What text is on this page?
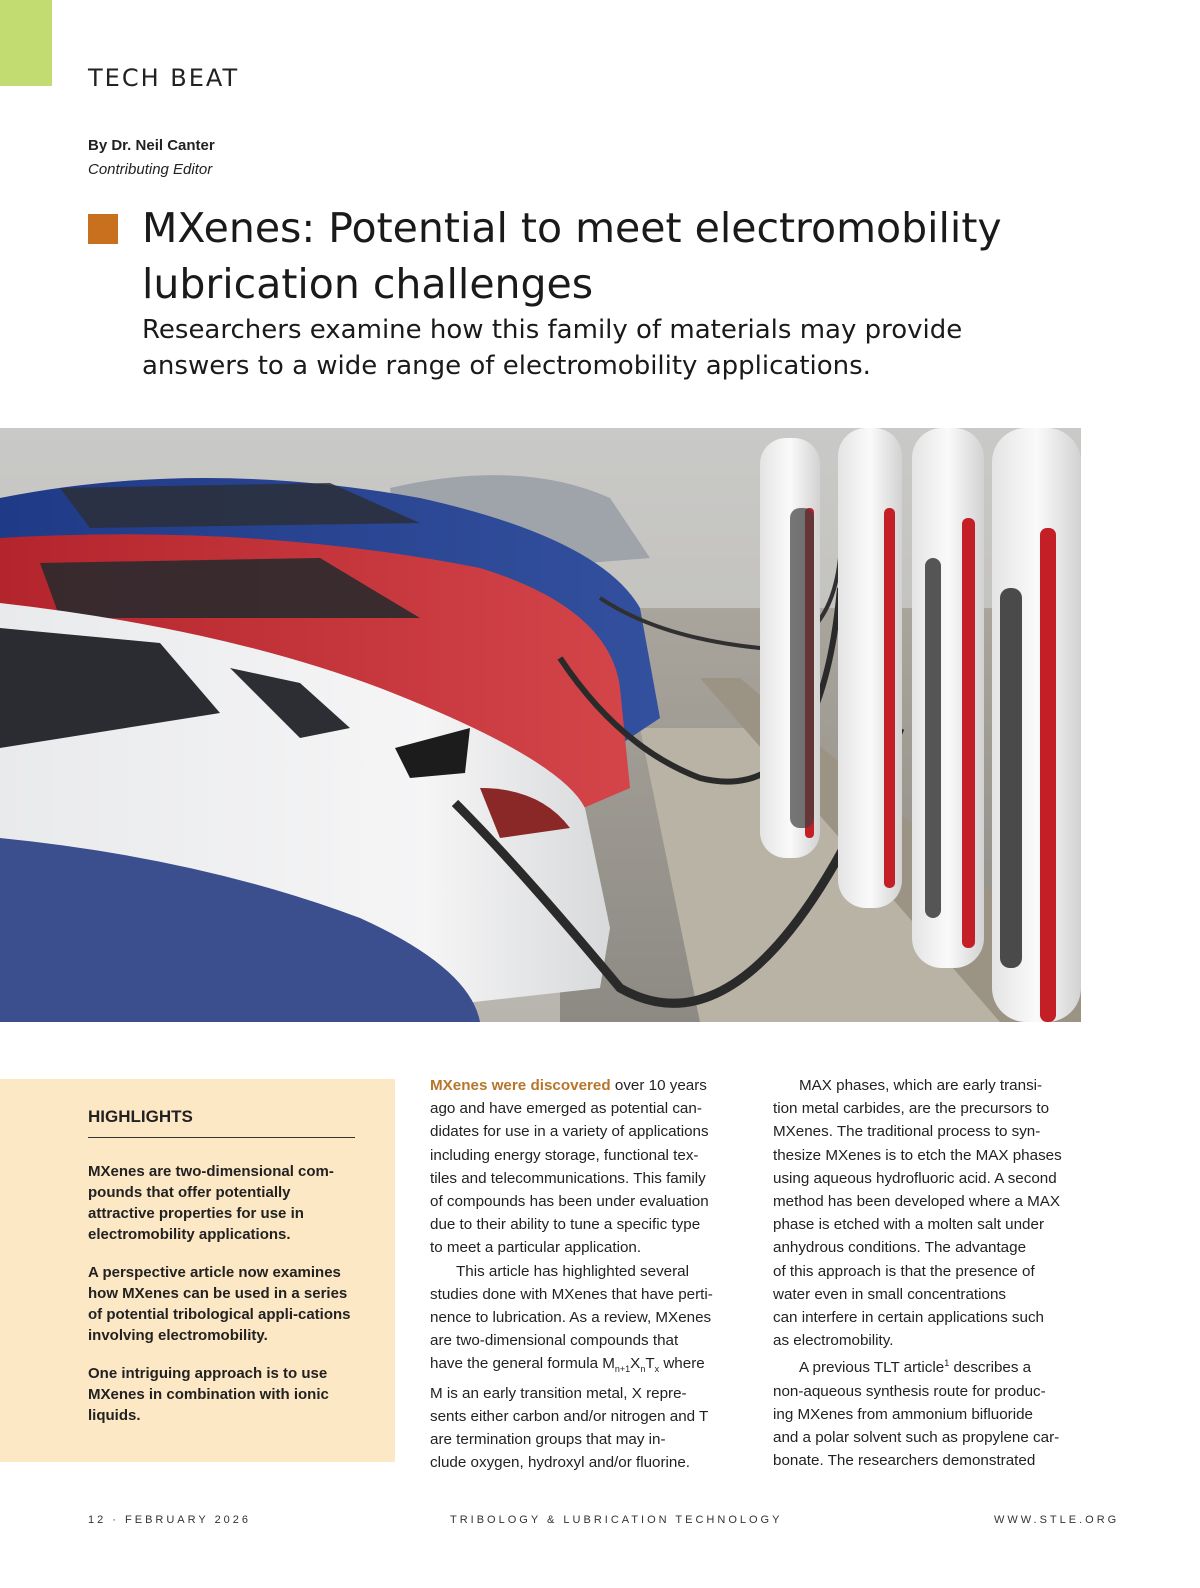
TECH BEAT
By Dr. Neil Canter
Contributing Editor
MXenes: Potential to meet electromobility
lubrication challenges

Researchers examine how this family of materials may provide
answers to a wide range of electromobility applications.

HIGHLIGHTS
MXenes are two-dimensional com-pounds that offer potentially attractive properties for use in electromobility applications.
A perspective article now examines how MXenes can be used in a series of potential tribological appli-cations involving electromobility.
One intriguing approach is to use MXenes in combination with ionic liquids.

MXenes were discovered over 10 years
ago and have emerged as potential can-
didates for use in a variety of applications
including energy storage, functional tex-
tiles and telecommunications. This family
of compounds has been under evaluation
due to their ability to tune a specific type
to meet a particular application.

This article has highlighted several
studies done with MXenes that have perti-
nence to lubrication. As a review, MXenes
are two-dimensional compounds that
have the general formula $M_{n+1}X_nT_x$ where
M is an early transition metal, X repre-
sents either carbon and/or nitrogen and T
are termination groups that may in-
clude oxygen, hydroxyl and/or fluorine.

MAX phases, which are early transi-
tion metal carbides, are the precursors to
MXenes. The traditional process to syn-
thesize MXenes is to etch the MAX phases
using aqueous hydrofluoric acid. A second
method has been developed where a MAX
phase is etched with a molten salt under
anhydrous conditions. The advantage
of this approach is that the presence of
water even in small concentrations
can interfere in certain applications such
as electromobility.

A previous TLT article$^1$ describes a
non-aqueous synthesis route for produc-
ing MXenes from ammonium bifluoride
and a polar solvent such as propylene car-
bonate. The researchers demonstrated

12 · FEBRUARY 2026	TRIBOLOGY & LUBRICATION TECHNOLOGY	WWW.STLE.ORG
